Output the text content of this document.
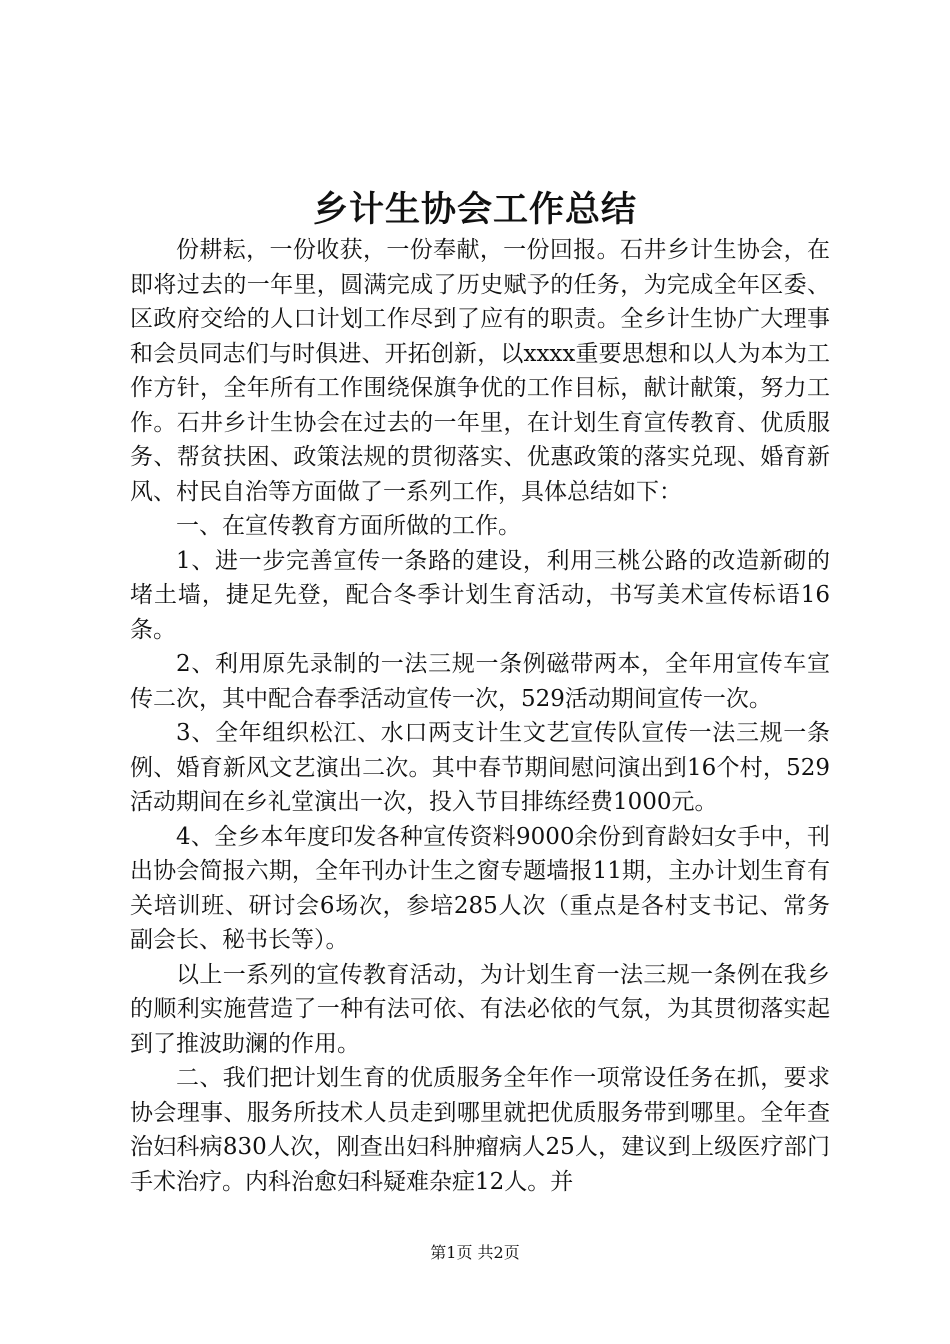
乡计生协会工作总结

份耕耘，一份收获，一份奉献，一份回报。石井乡计生协会，在即将过去的一年里，圆满完成了历史赋予的任务，为完成全年区委、区政府交给的人口计划工作尽到了应有的职责。全乡计生协广大理事和会员同志们与时俱进、开拓创新，以xxxx重要思想和以人为本为工作方针，全年所有工作围绕保旗争优的工作目标，献计献策，努力工作。石井乡计生协会在过去的一年里，在计划生育宣传教育、优质服务、帮贫扶困、政策法规的贯彻落实、优惠政策的落实兑现、婚育新风、村民自治等方面做了一系列工作，具体总结如下：

一、在宣传教育方面所做的工作。

1、进一步完善宣传一条路的建设，利用三桃公路的改造新砌的堵土墙，捷足先登，配合冬季计划生育活动，书写美术宣传标语16条。

2、利用原先录制的一法三规一条例磁带两本，全年用宣传车宣传二次，其中配合春季活动宣传一次，529活动期间宣传一次。

3、全年组织松江、水口两支计生文艺宣传队宣传一法三规一条例、婚育新风文艺演出二次。其中春节期间慰问演出到16个村，529活动期间在乡礼堂演出一次，投入节目排练经费1000元。

4、全乡本年度印发各种宣传资料9000余份到育龄妇女手中，刊出协会简报六期，全年刊办计生之窗专题墙报11期，主办计划生育有关培训班、研讨会6场次，参培285人次（重点是各村支书记、常务副会长、秘书长等）。

以上一系列的宣传教育活动，为计划生育一法三规一条例在我乡的顺利实施营造了一种有法可依、有法必依的气氛，为其贯彻落实起到了推波助澜的作用。

二、我们把计划生育的优质服务全年作一项常设任务在抓，要求协会理事、服务所技术人员走到哪里就把优质服务带到哪里。全年查治妇科病830人次，刚查出妇科肿瘤病人25人，建议到上级医疗部门手术治疗。内科治愈妇科疑难杂症12人。并

第1页 共2页
